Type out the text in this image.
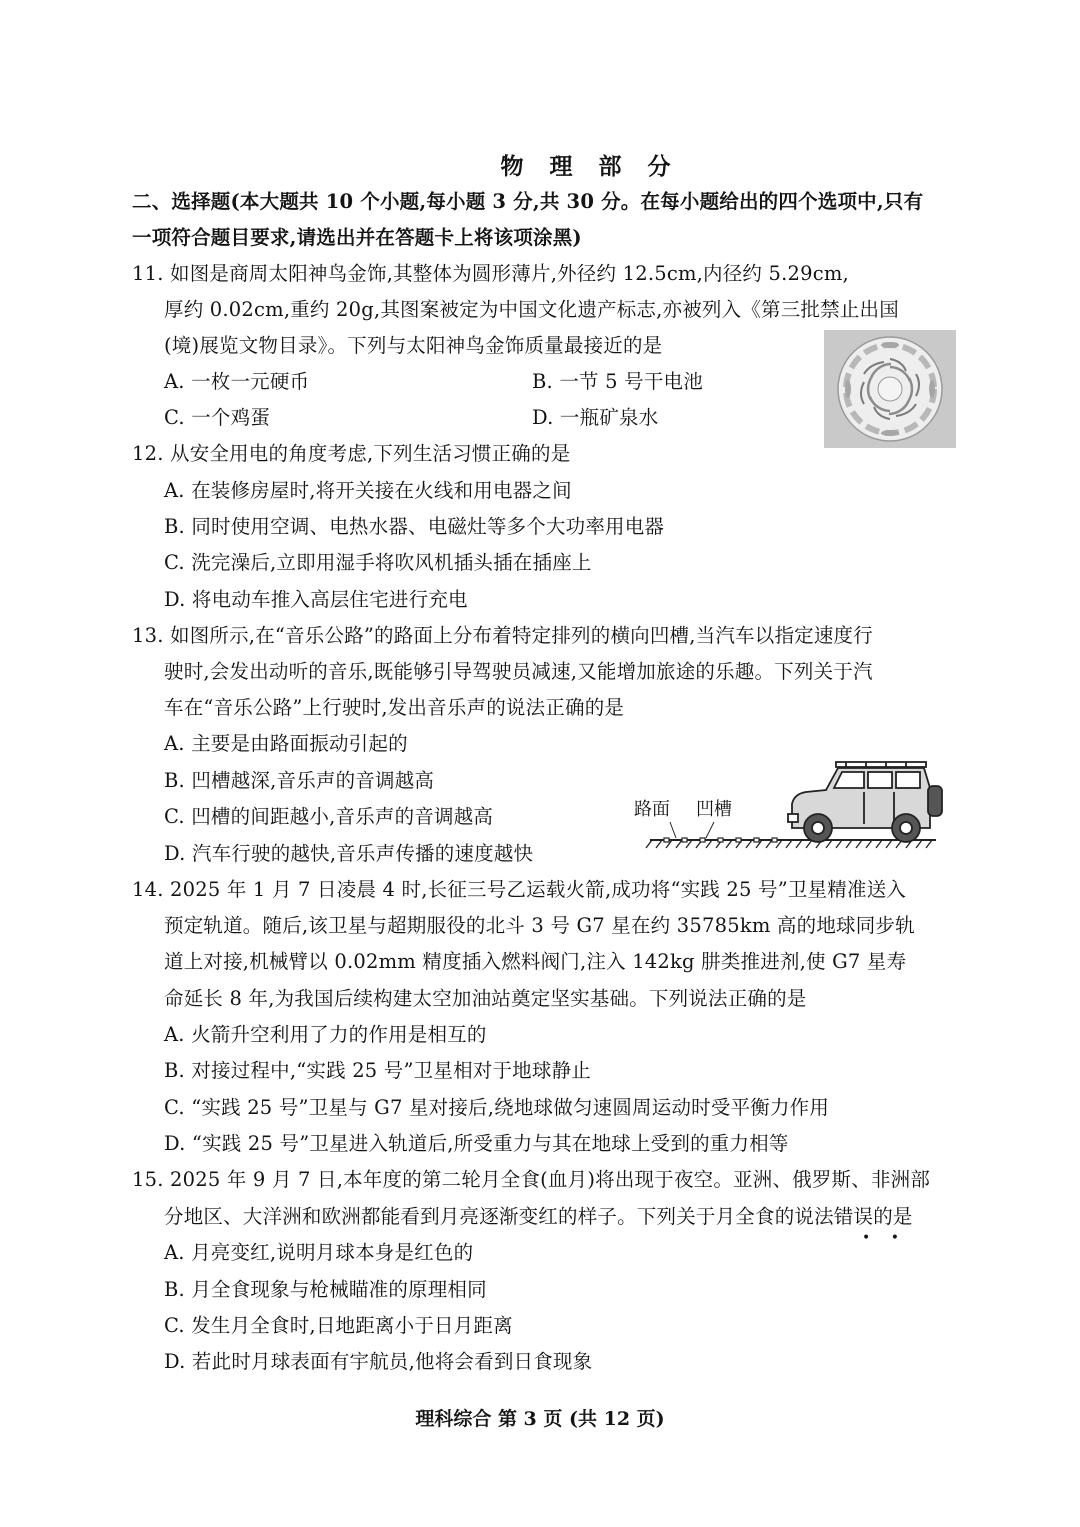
物 理 部 分
二、选择题(本大题共 10 个小题,每小题 3 分,共 30 分。在每小题给出的四个选项中,只有
一项符合题目要求,请选出并在答题卡上将该项涂黑)
11. 如图是商周太阳神鸟金饰,其整体为圆形薄片,外径约 12.5cm,内径约 5.29cm,
厚约 0.02cm,重约 20g,其图案被定为中国文化遗产标志,亦被列入《第三批禁止出国
(境)展览文物目录》。下列与太阳神鸟金饰质量最接近的是
A. 一枚一元硬币	B. 一节 5 号干电池
C. 一个鸡蛋	D. 一瓶矿泉水
12. 从安全用电的角度考虑,下列生活习惯正确的是
A. 在装修房屋时,将开关接在火线和用电器之间
B. 同时使用空调、电热水器、电磁灶等多个大功率用电器
C. 洗完澡后,立即用湿手将吹风机插头插在插座上
D. 将电动车推入高层住宅进行充电
13. 如图所示,在“音乐公路”的路面上分布着特定排列的横向凹槽,当汽车以指定速度行
驶时,会发出动听的音乐,既能够引导驾驶员减速,又能增加旅途的乐趣。下列关于汽
车在“音乐公路”上行驶时,发出音乐声的说法正确的是
A. 主要是由路面振动引起的
B. 凹槽越深,音乐声的音调越高
C. 凹槽的间距越小,音乐声的音调越高
D. 汽车行驶的越快,音乐声传播的速度越快
路面 凹槽
14. 2025 年 1 月 7 日凌晨 4 时,长征三号乙运载火箭,成功将“实践 25 号”卫星精准送入
预定轨道。随后,该卫星与超期服役的北斗 3 号 G7 星在约 35785km 高的地球同步轨
道上对接,机械臂以 0.02mm 精度插入燃料阀门,注入 142kg 肼类推进剂,使 G7 星寿
命延长 8 年,为我国后续构建太空加油站奠定坚实基础。下列说法正确的是
A. 火箭升空利用了力的作用是相互的
B. 对接过程中,“实践 25 号”卫星相对于地球静止
C. “实践 25 号”卫星与 G7 星对接后,绕地球做匀速圆周运动时受平衡力作用
D. “实践 25 号”卫星进入轨道后,所受重力与其在地球上受到的重力相等
15. 2025 年 9 月 7 日,本年度的第二轮月全食(血月)将出现于夜空。亚洲、俄罗斯、非洲部
分地区、大洋洲和欧洲都能看到月亮逐渐变红的样子。下列关于月全食的说法错误的是
• •
A. 月亮变红,说明月球本身是红色的
B. 月全食现象与枪械瞄准的原理相同
C. 发生月全食时,日地距离小于日月距离
D. 若此时月球表面有宇航员,他将会看到日食现象
理科综合 第 3 页 (共 12 页)
